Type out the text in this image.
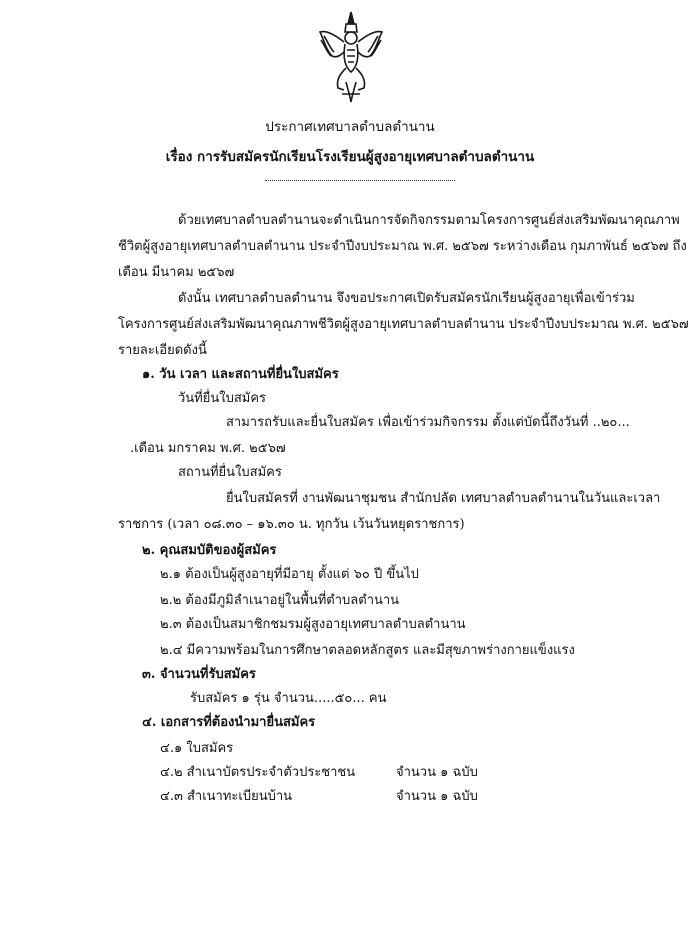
ประกาศเทศบาลตำบลตำนาน
เรื่อง การรับสมัครนักเรียนโรงเรียนผู้สูงอายุเทศบาลตำบลตำนาน
ด้วยเทศบาลตำบลตำนานจะดำเนินการจัดกิจกรรมตามโครงการศูนย์ส่งเสริมพัฒนาคุณภาพ
ชีวิตผู้สูงอายุเทศบาลตำบลตำนาน ประจำปีงบประมาณ พ.ศ. ๒๕๖๗ ระหว่างเดือน กุมภาพันธ์ ๒๕๖๗ ถึง
เดือน มีนาคม ๒๕๖๗
ดังนั้น เทศบาลตำบลตำนาน จึงขอประกาศเปิดรับสมัครนักเรียนผู้สูงอายุเพื่อเข้าร่วม
โครงการศูนย์ส่งเสริมพัฒนาคุณภาพชีวิตผู้สูงอายุเทศบาลตำบลตำนาน ประจำปีงบประมาณ พ.ศ. ๒๕๖๗
รายละเอียดดังนี้
๑. วัน เวลา และสถานที่ยื่นใบสมัคร
วันที่ยื่นใบสมัคร
สามารถรับและยื่นใบสมัคร เพื่อเข้าร่วมกิจกรรม ตั้งแต่บัดนี้ถึงวันที่ ..๒๐...
.เดือน มกราคม พ.ศ. ๒๕๖๗
สถานที่ยื่นใบสมัคร
ยื่นใบสมัครที่ งานพัฒนาชุมชน สำนักปลัด เทศบาลตำบลตำนานในวันและเวลา
ราชการ (เวลา ๐๘.๓๐ – ๑๖.๓๐ น. ทุกวัน เว้นวันหยุดราชการ)
๒. คุณสมบัติของผู้สมัคร
๒.๑ ต้องเป็นผู้สูงอายุที่มีอายุ ตั้งแต่ ๖๐ ปี ขึ้นไป
๒.๒ ต้องมีภูมิลำเนาอยู่ในพื้นที่ตำบลตำนาน
๒.๓ ต้องเป็นสมาชิกชมรมผู้สูงอายุเทศบาลตำบลตำนาน
๒.๔ มีความพร้อมในการศึกษาตลอดหลักสูตร และมีสุขภาพร่างกายแข็งแรง
๓. จำนวนที่รับสมัคร
รับสมัคร ๑ รุ่น จำนวน.....๕๐... คน
๔. เอกสารที่ต้องนำมายื่นสมัคร
๔.๑ ใบสมัคร
๔.๒ สำเนาบัตรประจำตัวประชาชน	จำนวน ๑ ฉบับ
๔.๓ สำเนาทะเบียนบ้าน	จำนวน ๑ ฉบับ
